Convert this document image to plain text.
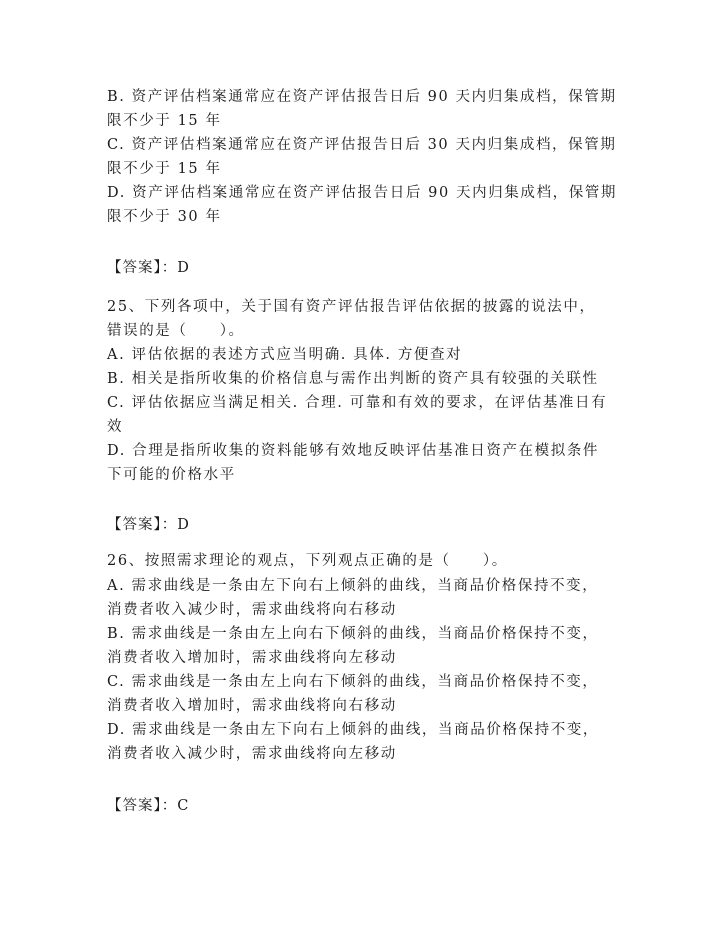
B. 资产评估档案通常应在资产评估报告日后 90 天内归集成档，保管期
限不少于 15 年
C. 资产评估档案通常应在资产评估报告日后 30 天内归集成档，保管期
限不少于 15 年
D. 资产评估档案通常应在资产评估报告日后 90 天内归集成档，保管期
限不少于 30 年
【答案】：D
25、下列各项中，关于国有资产评估报告评估依据的披露的说法中，
错误的是（　　）。
A. 评估依据的表述方式应当明确. 具体. 方便查对
B. 相关是指所收集的价格信息与需作出判断的资产具有较强的关联性
C. 评估依据应当满足相关. 合理. 可靠和有效的要求，在评估基准日有
效
D. 合理是指所收集的资料能够有效地反映评估基准日资产在模拟条件
下可能的价格水平
【答案】：D
26、按照需求理论的观点，下列观点正确的是（　　）。
A. 需求曲线是一条由左下向右上倾斜的曲线，当商品价格保持不变，
消费者收入减少时，需求曲线将向右移动
B. 需求曲线是一条由左上向右下倾斜的曲线，当商品价格保持不变，
消费者收入增加时，需求曲线将向左移动
C. 需求曲线是一条由左上向右下倾斜的曲线，当商品价格保持不变，
消费者收入增加时，需求曲线将向右移动
D. 需求曲线是一条由左下向右上倾斜的曲线，当商品价格保持不变，
消费者收入减少时，需求曲线将向左移动
【答案】：C
